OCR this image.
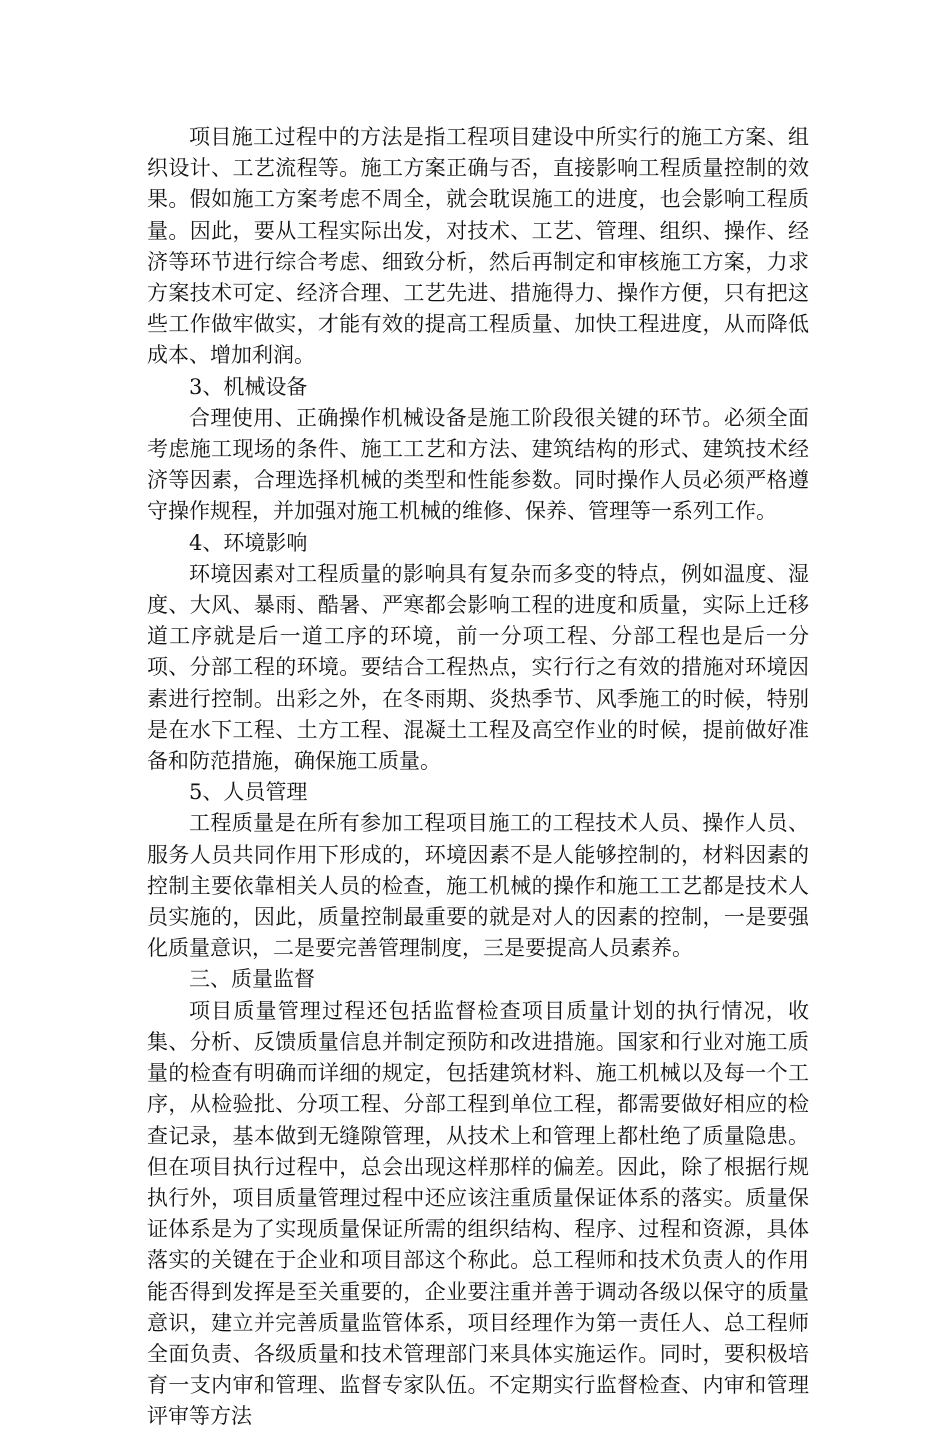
项目施工过程中的方法是指工程项目建设中所实行的施工方案、组织设计、工艺流程等。施工方案正确与否，直接影响工程质量控制的效果。假如施工方案考虑不周全，就会耽误施工的进度，也会影响工程质量。因此，要从工程实际出发，对技术、工艺、管理、组织、操作、经济等环节进行综合考虑、细致分析，然后再制定和审核施工方案，力求方案技术可定、经济合理、工艺先进、措施得力、操作方便，只有把这些工作做牢做实，才能有效的提高工程质量、加快工程进度，从而降低成本、增加利润。

3、机械设备

合理使用、正确操作机械设备是施工阶段很关键的环节。必须全面考虑施工现场的条件、施工工艺和方法、建筑结构的形式、建筑技术经济等因素，合理选择机械的类型和性能参数。同时操作人员必须严格遵守操作规程，并加强对施工机械的维修、保养、管理等一系列工作。

4、环境影响

环境因素对工程质量的影响具有复杂而多变的特点，例如温度、湿度、大风、暴雨、酷暑、严寒都会影响工程的进度和质量，实际上迁移道工序就是后一道工序的环境，前一分项工程、分部工程也是后一分项、分部工程的环境。要结合工程热点，实行行之有效的措施对环境因素进行控制。出彩之外，在冬雨期、炎热季节、风季施工的时候，特别是在水下工程、土方工程、混凝土工程及高空作业的时候，提前做好准备和防范措施，确保施工质量。

5、人员管理

工程质量是在所有参加工程项目施工的工程技术人员、操作人员、服务人员共同作用下形成的，环境因素不是人能够控制的，材料因素的控制主要依靠相关人员的检查，施工机械的操作和施工工艺都是技术人员实施的，因此，质量控制最重要的就是对人的因素的控制，一是要强化质量意识，二是要完善管理制度，三是要提高人员素养。

三、质量监督

项目质量管理过程还包括监督检查项目质量计划的执行情况，收集、分析、反馈质量信息并制定预防和改进措施。国家和行业对施工质量的检查有明确而详细的规定，包括建筑材料、施工机械以及每一个工序，从检验批、分项工程、分部工程到单位工程，都需要做好相应的检查记录，基本做到无缝隙管理，从技术上和管理上都杜绝了质量隐患。但在项目执行过程中，总会出现这样那样的偏差。因此，除了根据行规执行外，项目质量管理过程中还应该注重质量保证体系的落实。质量保证体系是为了实现质量保证所需的组织结构、程序、过程和资源，具体落实的关键在于企业和项目部这个称此。总工程师和技术负责人的作用能否得到发挥是至关重要的，企业要注重并善于调动各级以保守的质量意识，建立并完善质量监管体系，项目经理作为第一责任人、总工程师全面负责、各级质量和技术管理部门来具体实施运作。同时，要积极培育一支内审和管理、监督专家队伍。不定期实行监督检查、内审和管理评审等方法
